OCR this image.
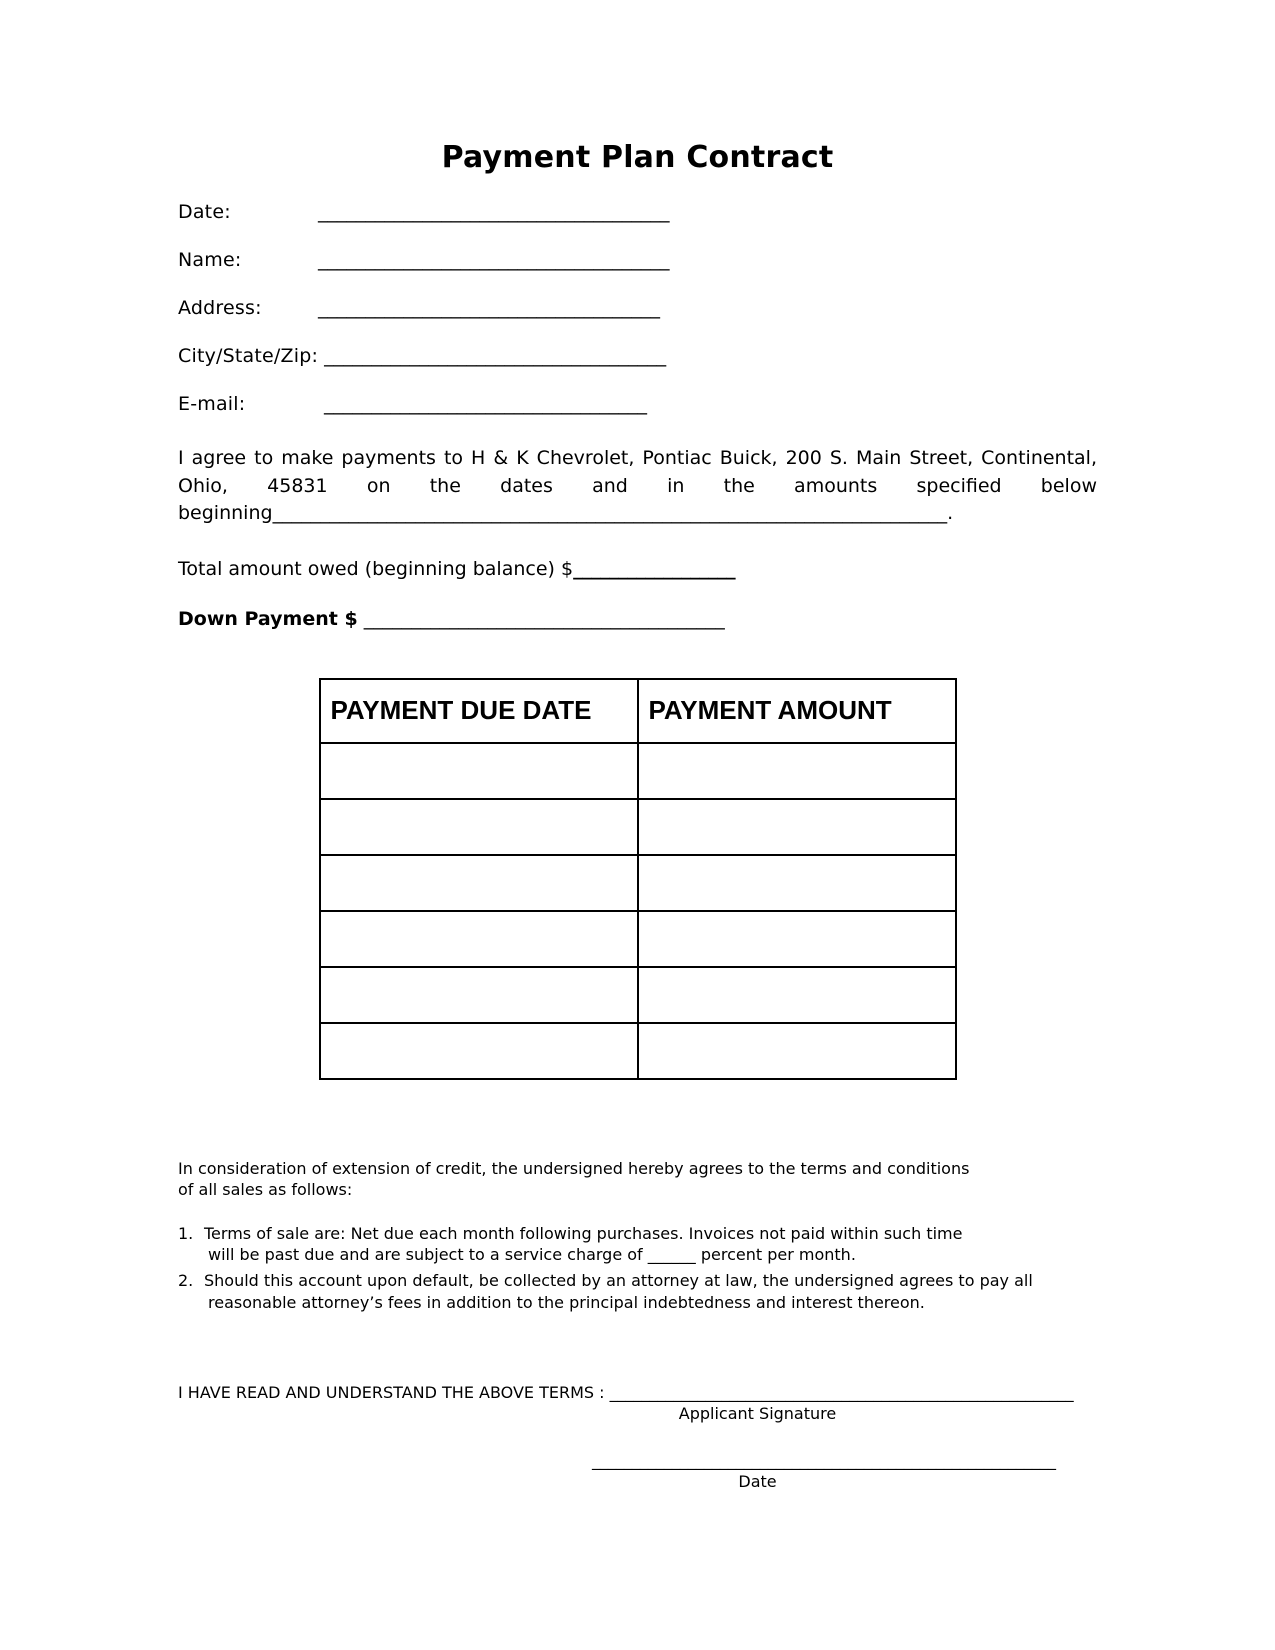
Payment Plan Contract
Date:	_____________________________________
Name:	_____________________________________
Address:	____________________________________
City/State/Zip: ____________________________________
E-mail:	__________________________________

I agree to make payments to H & K Chevrolet, Pontiac Buick, 200 S. Main Street, Continental, Ohio, 45831 on the dates and in the amounts specified below beginning_______________________________________________________________________.

Total amount owed (beginning balance) $__________________
Down Payment $ ______________________________________
PAYMENT DUE DATE	PAYMENT AMOUNT

In consideration of extension of credit, the undersigned hereby agrees to the terms and conditions
of all sales as follows:
1. Terms of sale are: Net due each month following purchases. Invoices not paid within such time
will be past due and are subject to a service charge of ______ percent per month.
2. Should this account upon default, be collected by an attorney at law, the undersigned agrees to pay all
reasonable attorney’s fees in addition to the principal indebtedness and interest thereon.
I HAVE READ AND UNDERSTAND THE ABOVE TERMS : __________________________________________________________
Applicant Signature
__________________________________________________________
Date
